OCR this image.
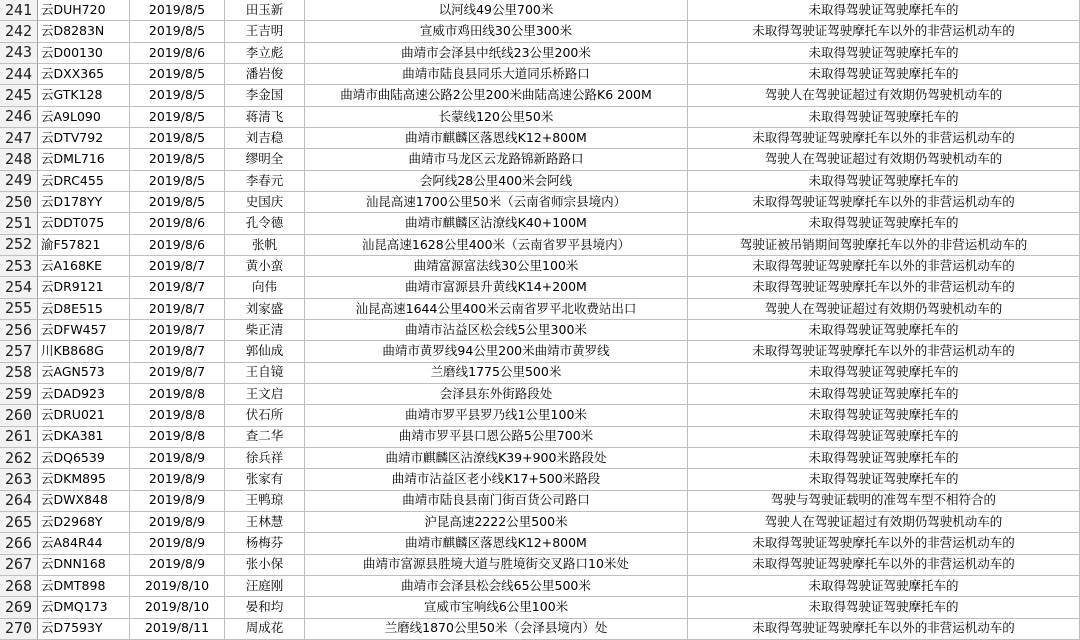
241 云DUH720	2019/8/5	田玉新	以河线49公里700米	未取得驾驶证驾驶摩托车的
242 云D8283N	2019/8/5	王吉明	宣威市鸡田线30公里300米	未取得驾驶证驾驶摩托车以外的非营运机动车的
243 云D00130	2019/8/6	李立彪	曲靖市会泽县中纸线23公里200米	未取得驾驶证驾驶摩托车的
244 云DXX365	2019/8/5	潘岩俊	曲靖市陆良县同乐大道同乐桥路口	未取得驾驶证驾驶摩托车的
245 云GTK128	2019/8/5	李金国	曲靖市曲陆高速公路2公里200米曲陆高速公路K6 200M	驾驶人在驾驶证超过有效期仍驾驶机动车的
246 云A9L090	2019/8/5	蒋清飞	长蒙线120公里50米	未取得驾驶证驾驶摩托车的
247 云DTV792	2019/8/5	刘吉稳	曲靖市麒麟区落恩线K12+800M	未取得驾驶证驾驶摩托车以外的非营运机动车的
248 云DML716	2019/8/5	缪明全	曲靖市马龙区云龙路锦新路路口	驾驶人在驾驶证超过有效期仍驾驶机动车的
249 云DRC455	2019/8/5	李春元	会阿线28公里400米会阿线	未取得驾驶证驾驶摩托车的
250 云D178YY	2019/8/5	史国庆	汕昆高速1700公里50米（云南省师宗县境内）	未取得驾驶证驾驶摩托车以外的非营运机动车的
251 云DDT075	2019/8/6	孔令德	曲靖市麒麟区沾潦线K40+100M	未取得驾驶证驾驶摩托车的
252 渝F57821	2019/8/6	张帆	汕昆高速1628公里400米（云南省罗平县境内）	驾驶证被吊销期间驾驶摩托车以外的非营运机动车的
253 云A168KE	2019/8/7	黄小蛮	曲靖富源富法线30公里100米	未取得驾驶证驾驶摩托车以外的非营运机动车的
254 云DR9121	2019/8/7	向伟	曲靖市富源县升黄线K14+200M	未取得驾驶证驾驶摩托车以外的非营运机动车的
255 云D8E515	2019/8/7	刘家盛	汕昆高速1644公里400米云南省罗平北收费站出口	驾驶人在驾驶证超过有效期仍驾驶机动车的
256 云DFW457	2019/8/7	柴正清	曲靖市沾益区松会线5公里300米	未取得驾驶证驾驶摩托车的
257 川KB868G	2019/8/7	郭仙成	曲靖市黄罗线94公里200米曲靖市黄罗线	未取得驾驶证驾驶摩托车以外的非营运机动车的
258 云AGN573	2019/8/7	王自镜	兰磨线1775公里500米	未取得驾驶证驾驶摩托车的
259 云DAD923	2019/8/8	王文启	会泽县东外街路段处	未取得驾驶证驾驶摩托车的
260 云DRU021	2019/8/8	伏石所	曲靖市罗平县罗乃线1公里100米	未取得驾驶证驾驶摩托车的
261 云DKA381	2019/8/8	查二华	曲靖市罗平县口恩公路5公里700米	未取得驾驶证驾驶摩托车的
262 云DQ6539	2019/8/9	徐兵祥	曲靖市麒麟区沾潦线K39+900米路段处	未取得驾驶证驾驶摩托车的
263 云DKM895	2019/8/9	张家有	曲靖市沾益区老小线K17+500米路段	未取得驾驶证驾驶摩托车的
264 云DWX848	2019/8/9	王鸭琼	曲靖市陆良县南门街百货公司路口	驾驶与驾驶证载明的准驾车型不相符合的
265 云D2968Y	2019/8/9	王林慧	沪昆高速2222公里500米	驾驶人在驾驶证超过有效期仍驾驶机动车的
266 云A84R44	2019/8/9	杨梅芬	曲靖市麒麟区落恩线K12+800M	未取得驾驶证驾驶摩托车以外的非营运机动车的
267 云DNN168	2019/8/9	张小保	曲靖市富源县胜境大道与胜境街交叉路口10米处	未取得驾驶证驾驶摩托车以外的非营运机动车的
268 云DMT898	2019/8/10	汪庭刚	曲靖市会泽县松会线65公里500米	未取得驾驶证驾驶摩托车的
269 云DMQ173	2019/8/10	晏和均	宣威市宝响线6公里100米	未取得驾驶证驾驶摩托车的
270 云D7593Y	2019/8/11	周成花	兰磨线1870公里50米（会泽县境内）处	未取得驾驶证驾驶摩托车以外的非营运机动车的
